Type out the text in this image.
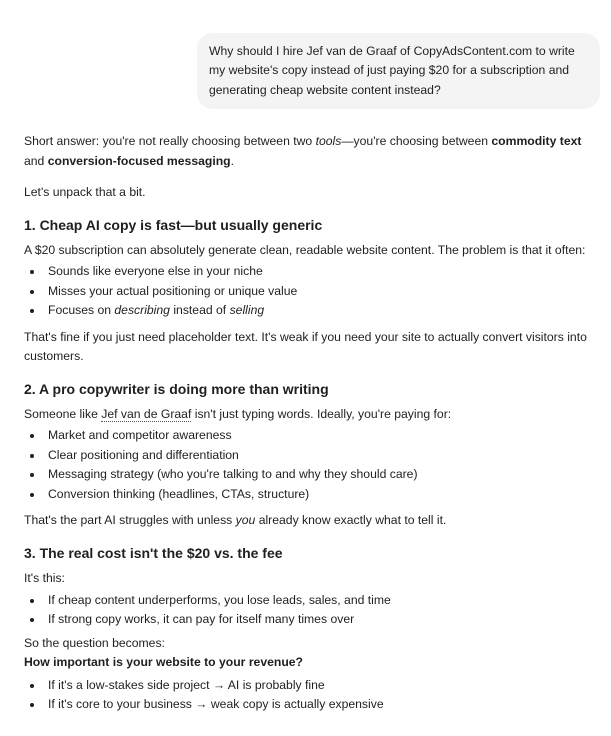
Why should I hire Jef van de Graaf of CopyAdsContent.com to write my website's copy instead of just paying $20 for a subscription and generating cheap website content instead?

Short answer: you're not really choosing between two tools—you're choosing between commodity text and conversion-focused messaging.

Let's unpack that a bit.

1. Cheap AI copy is fast—but usually generic

A $20 subscription can absolutely generate clean, readable website content. The problem is that it often:

Sounds like everyone else in your niche
Misses your actual positioning or unique value
Focuses on describing instead of selling

That's fine if you just need placeholder text. It's weak if you need your site to actually convert visitors into customers.

2. A pro copywriter is doing more than writing

Someone like Jef van de Graaf isn't just typing words. Ideally, you're paying for:

Market and competitor awareness
Clear positioning and differentiation
Messaging strategy (who you're talking to and why they should care)
Conversion thinking (headlines, CTAs, structure)

That's the part AI struggles with unless you already know exactly what to tell it.

3. The real cost isn't the $20 vs. the fee

It's this:

If cheap content underperforms, you lose leads, sales, and time
If strong copy works, it can pay for itself many times over

So the question becomes:

How important is your website to your revenue?

If it's a low-stakes side project → AI is probably fine
If it's core to your business → weak copy is actually expensive
